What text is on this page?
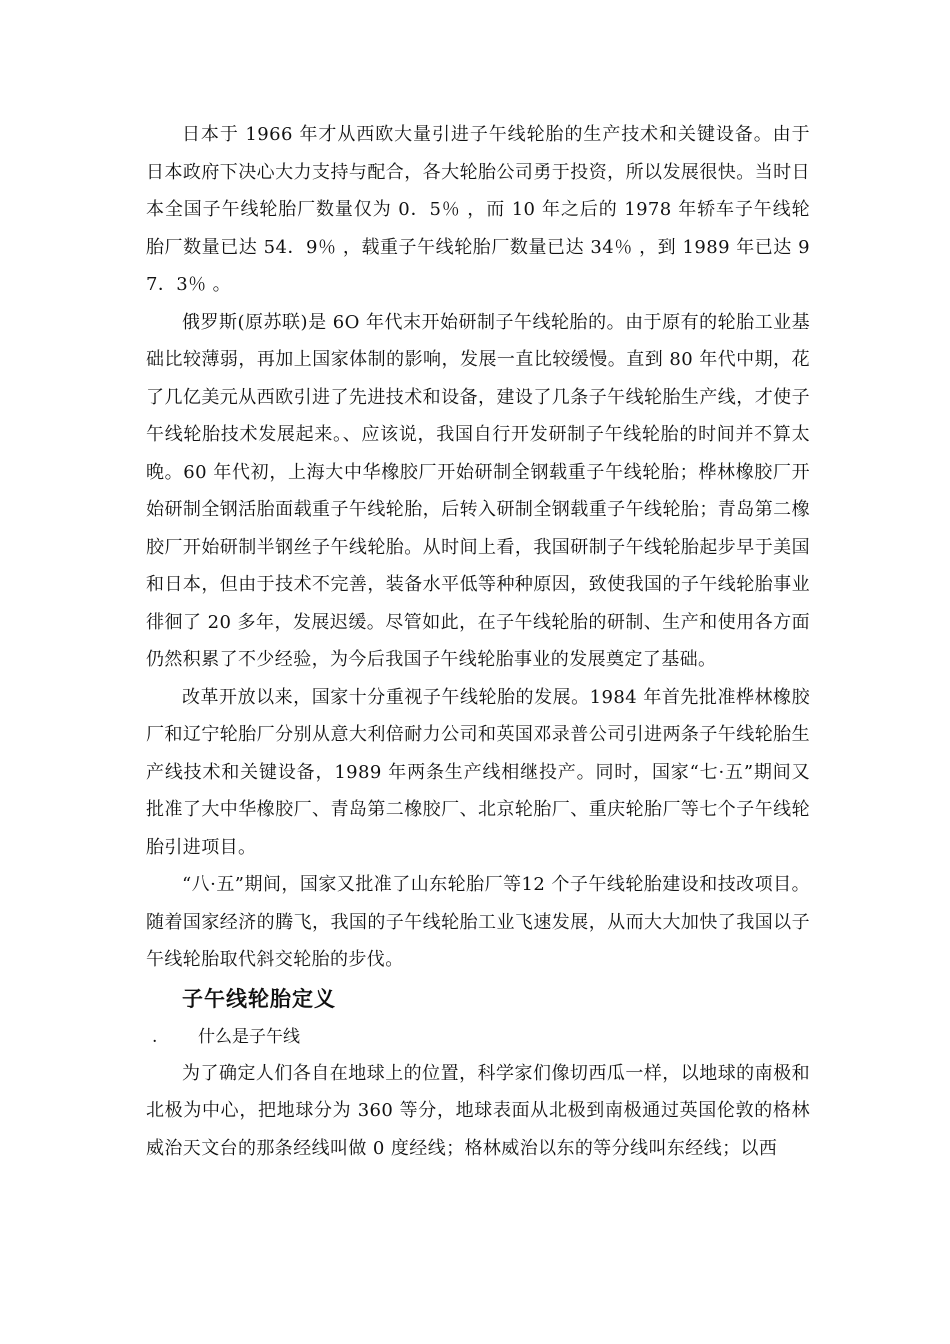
日本于 1966 年才从西欧大量引进子午线轮胎的生产技术和关键设备。由于日本政府下决心大力支持与配合，各大轮胎公司勇于投资，所以发展很快。当时日本全国子午线轮胎厂数量仅为 0．5％ ，而 10 年之后的 1978 年轿车子午线轮胎厂数量已达 54．9％ ，载重子午线轮胎厂数量已达 34％ ，到 1989 年已达 97．3％ 。

俄罗斯(原苏联)是 6O 年代末开始研制子午线轮胎的。由于原有的轮胎工业基础比较薄弱，再加上国家体制的影响，发展一直比较缓慢。直到 80 年代中期，花了几亿美元从西欧引进了先进技术和设备，建设了几条子午线轮胎生产线，才使子午线轮胎技术发展起来。、应该说，我国自行开发研制子午线轮胎的时间并不算太晚。60 年代初，上海大中华橡胶厂开始研制全钢载重子午线轮胎；桦林橡胶厂开始研制全钢活胎面载重子午线轮胎，后转入研制全钢载重子午线轮胎；青岛第二橡胶厂开始研制半钢丝子午线轮胎。从时间上看，我国研制子午线轮胎起步早于美国和日本，但由于技术不完善，装备水平低等种种原因，致使我国的子午线轮胎事业徘徊了 20 多年，发展迟缓。尽管如此，在子午线轮胎的研制、生产和使用各方面仍然积累了不少经验，为今后我国子午线轮胎事业的发展奠定了基础。

改革开放以来，国家十分重视子午线轮胎的发展。1984 年首先批准桦林橡胶厂和辽宁轮胎厂分别从意大利倍耐力公司和英国邓录普公司引进两条子午线轮胎生产线技术和关键设备，1989 年两条生产线相继投产。同时，国家“七·五”期间又批准了大中华橡胶厂、青岛第二橡胶厂、北京轮胎厂、重庆轮胎厂等七个子午线轮胎引进项目。

“八·五”期间，国家又批准了山东轮胎厂等12 个子午线轮胎建设和技改项目。随着国家经济的腾飞，我国的子午线轮胎工业飞速发展，从而大大加快了我国以子午线轮胎取代斜交轮胎的步伐。

子午线轮胎定义
. 什么是子午线

为了确定人们各自在地球上的位置，科学家们像切西瓜一样，以地球的南极和北极为中心，把地球分为 360 等分，地球表面从北极到南极通过英国伦敦的格林威治天文台的那条经线叫做 0 度经线；格林威治以东的等分线叫东经线；以西
